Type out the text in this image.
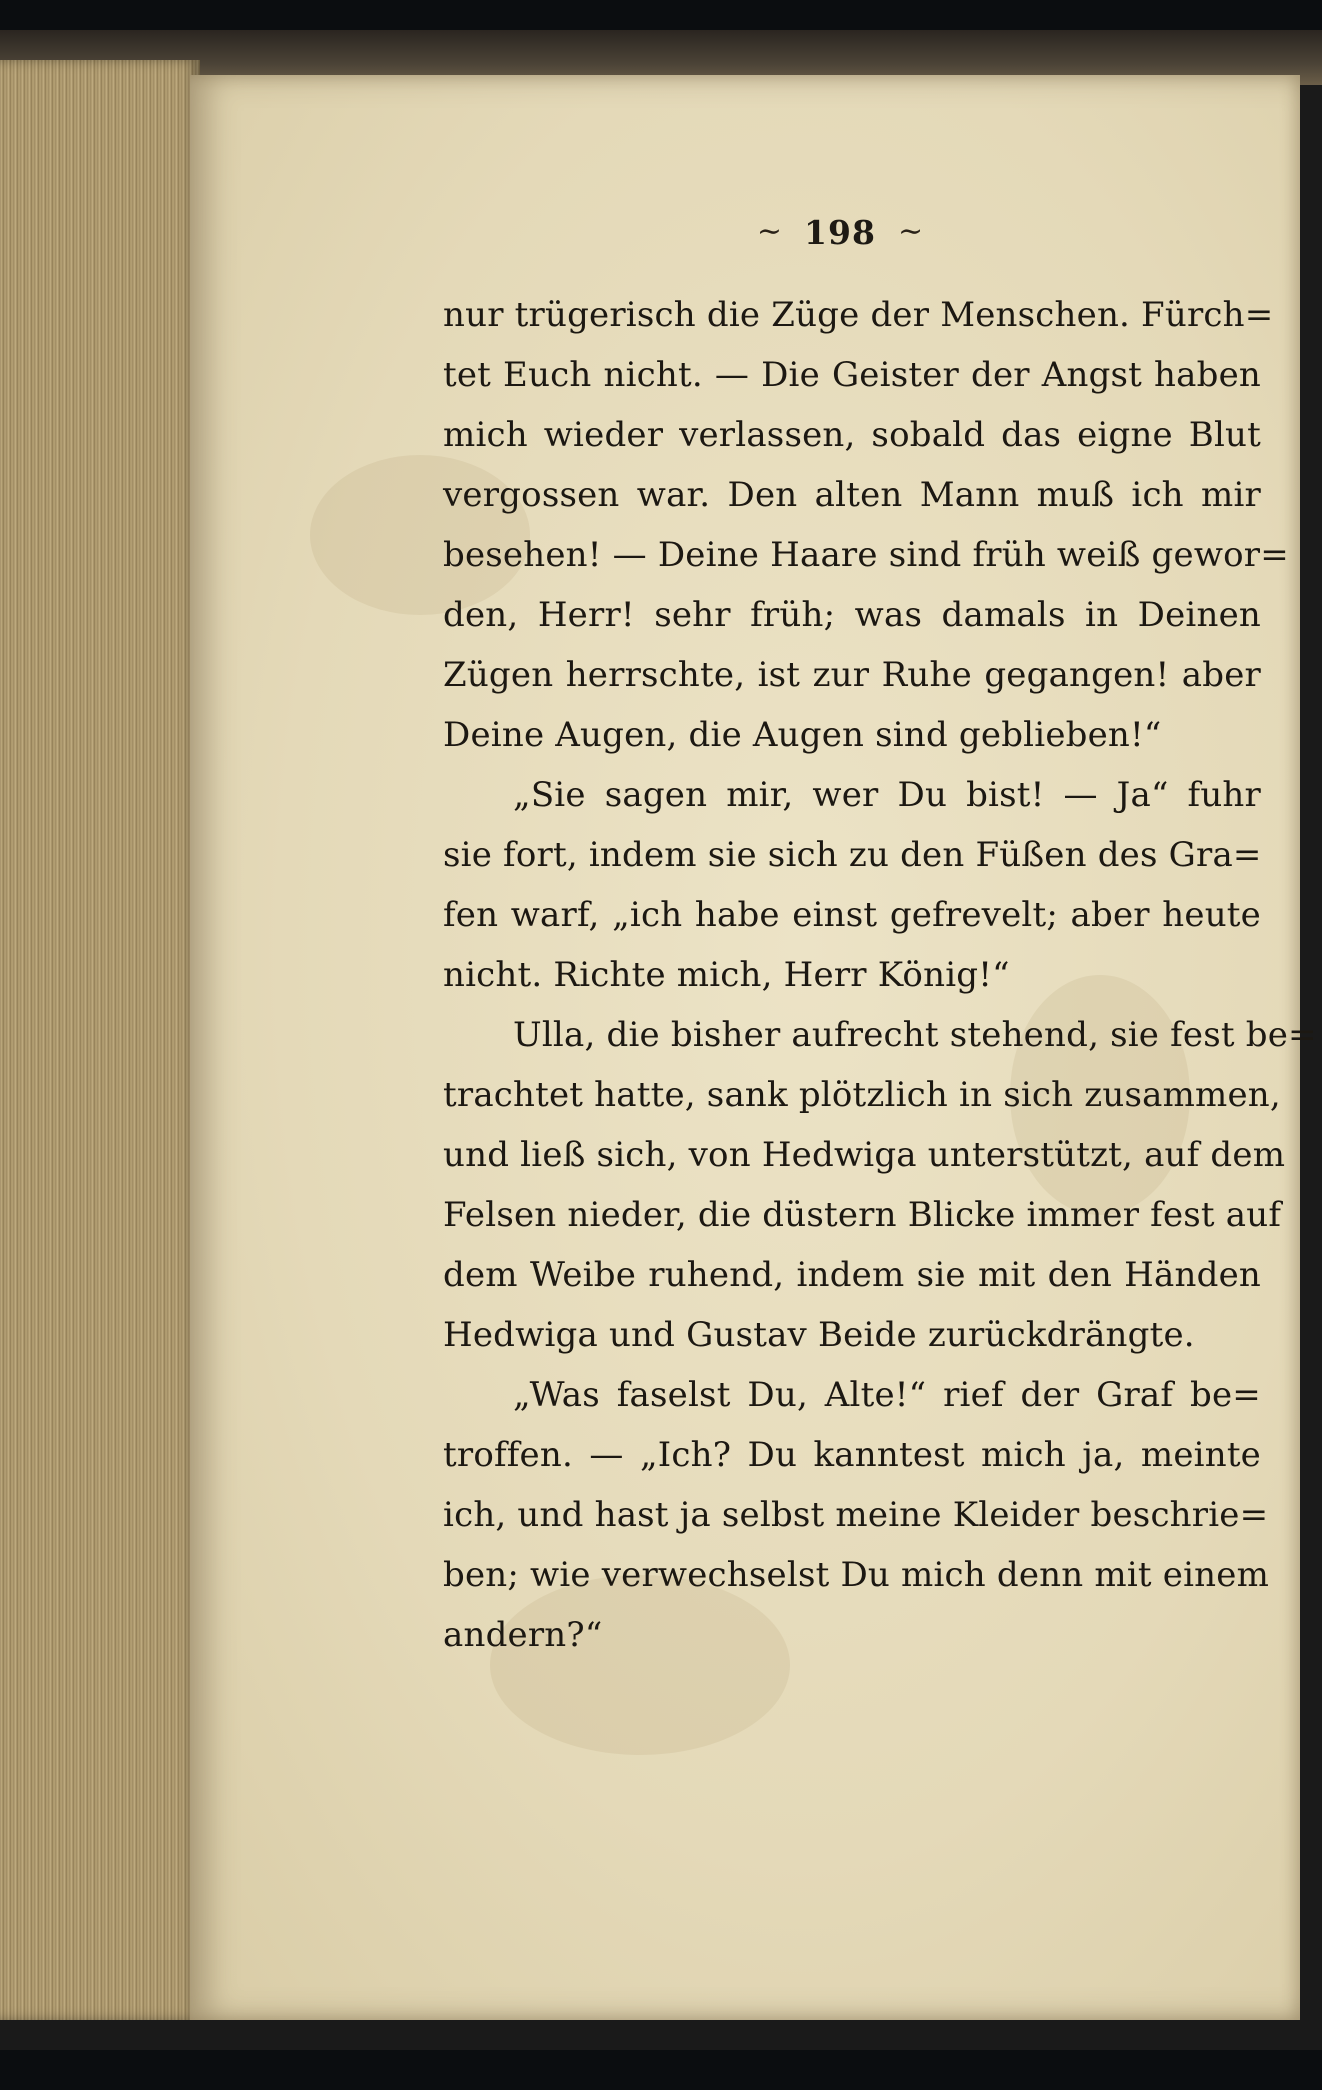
∼ 198 ∼
nur trügerisch die Züge der Menschen. Fürch=
tet Euch nicht. — Die Geister der Angst haben
mich wieder verlassen, sobald das eigne Blut
vergossen war. Den alten Mann muß ich mir
besehen! — Deine Haare sind früh weiß gewor=
den, Herr! sehr früh; was damals in Deinen
Zügen herrschte, ist zur Ruhe gegangen! aber
Deine Augen, die Augen sind geblieben!“
„Sie sagen mir, wer Du bist! — Ja“ fuhr
sie fort, indem sie sich zu den Füßen des Gra=
fen warf, „ich habe einst gefrevelt; aber heute
nicht. Richte mich, Herr König!“
Ulla, die bisher aufrecht stehend, sie fest be=
trachtet hatte, sank plötzlich in sich zusammen,
und ließ sich, von Hedwiga unterstützt, auf dem
Felsen nieder, die düstern Blicke immer fest auf
dem Weibe ruhend, indem sie mit den Händen
Hedwiga und Gustav Beide zurückdrängte.
„Was faselst Du, Alte!“ rief der Graf be=
troffen. — „Ich? Du kanntest mich ja, meinte
ich, und hast ja selbst meine Kleider beschrie=
ben; wie verwechselst Du mich denn mit einem
andern?“
